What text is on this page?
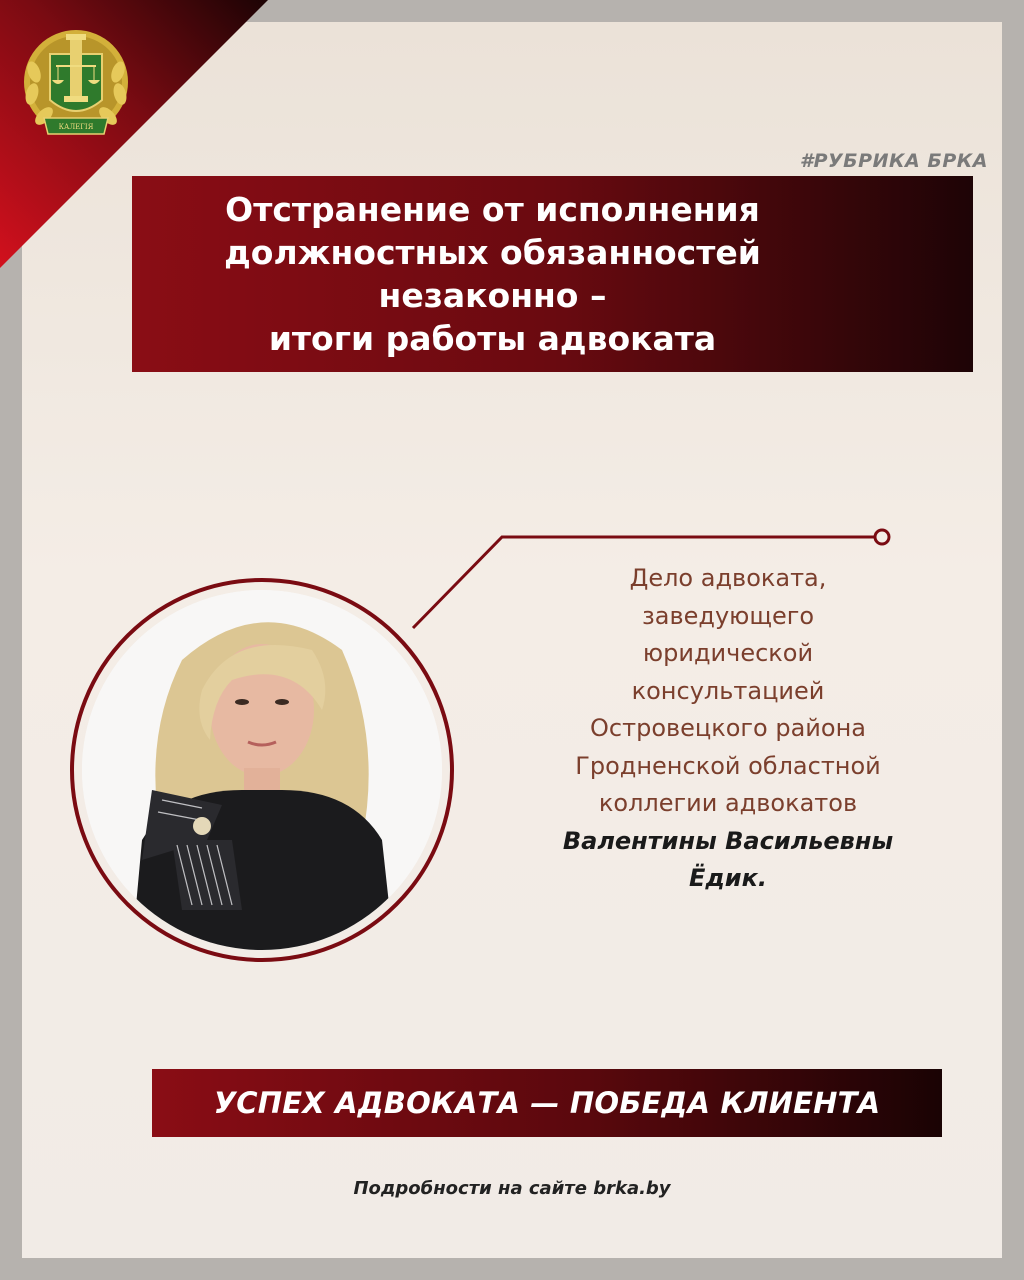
КАЛЕГІЯ
#РУБРИКА БРКА
Отстранение от исполнения
должностных обязанностей
незаконно –
итоги работы адвоката
Дело адвоката,
заведующего
юридической
консультацией
Островецкого района
Гродненской областной
коллегии адвокатов
Валентины Васильевны
Ёдик.
УСПЕХ АДВОКАТА — ПОБЕДА КЛИЕНТА
Подробности на сайте brka.by
